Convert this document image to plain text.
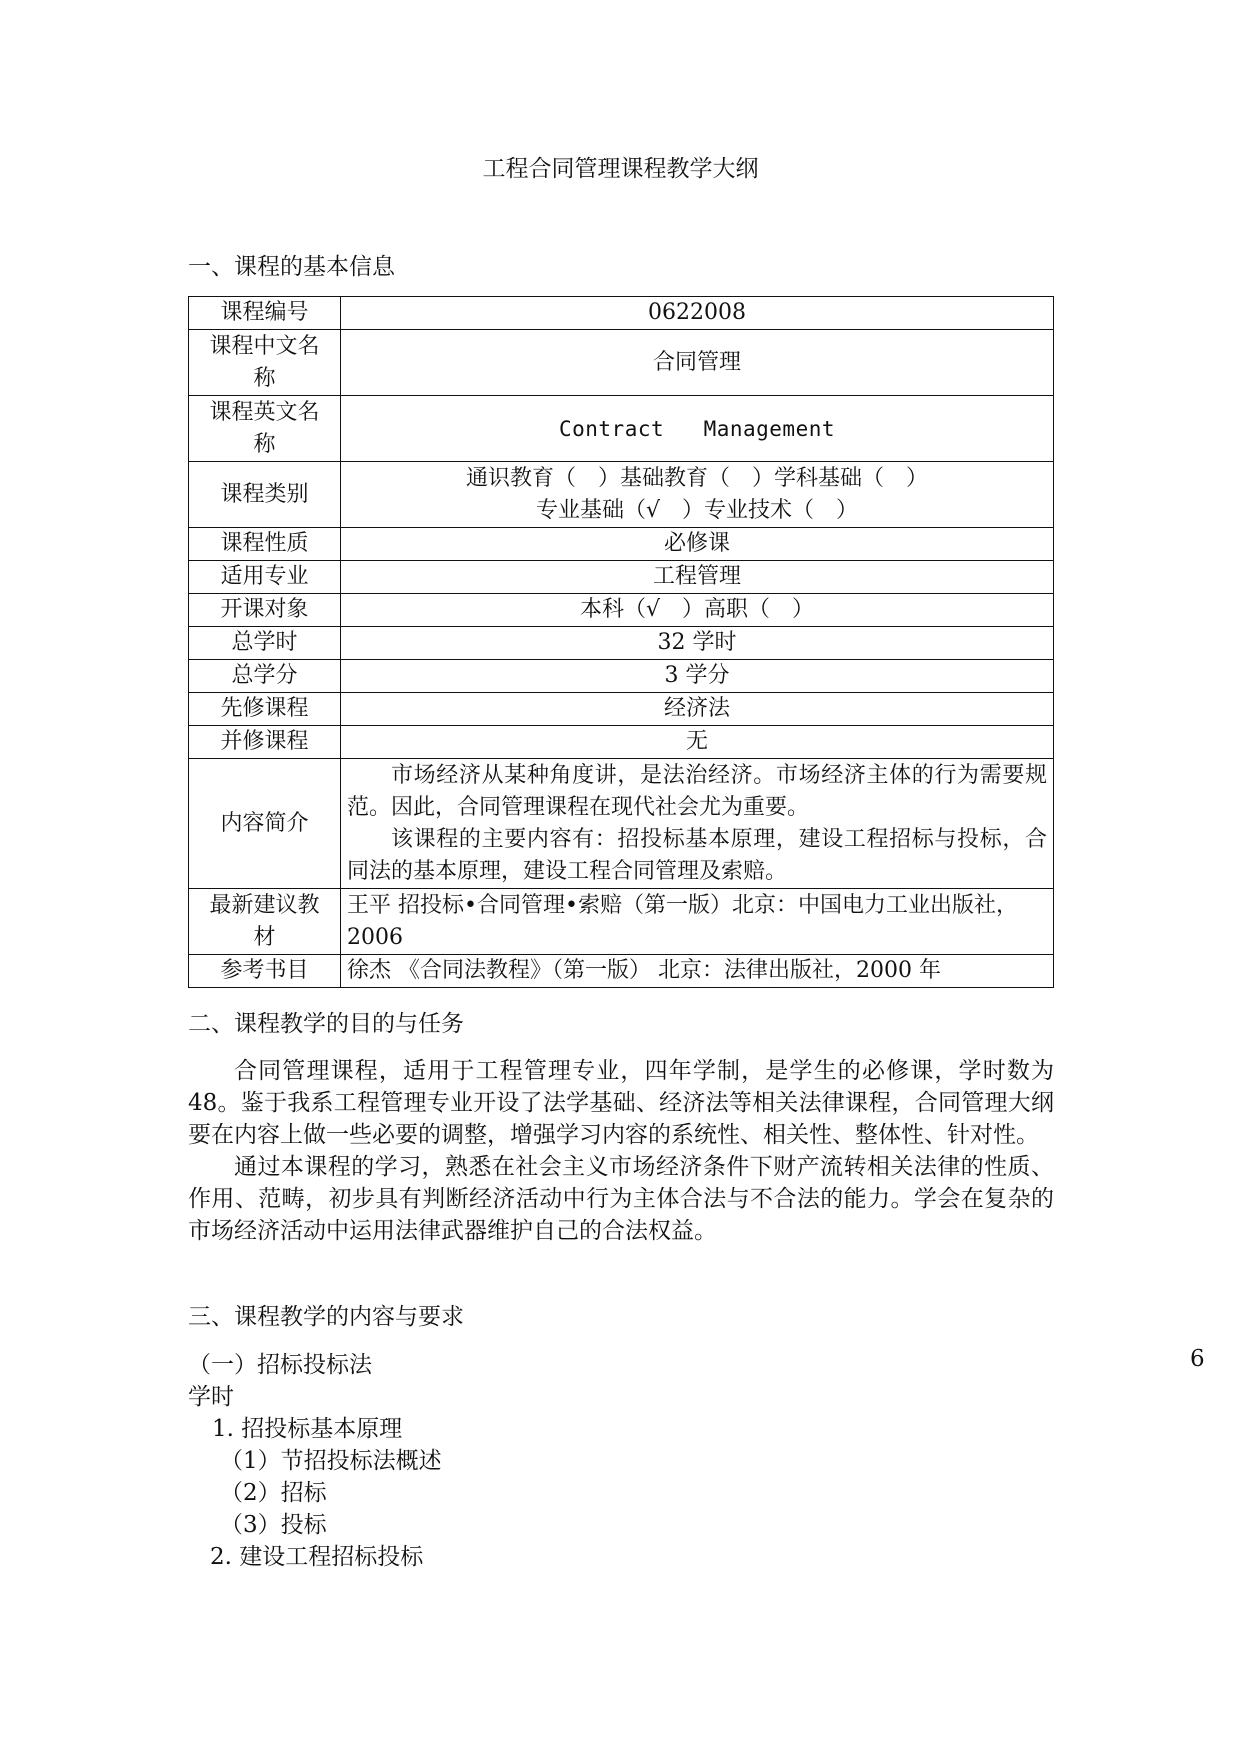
工程合同管理课程教学大纲
一、课程的基本信息
课程编号	0622008

课程中文名
称	合同管理

课程英文名
称	Contract Management
课程类别	通识教育（　）基础教育（　）学科基础（　）
专业基础（√　）专业技术（　）

课程性质	必修课
适用专业	工程管理
开课对象	本科（√　）高职（　）
总学时	32 学时
总学分	3 学分
先修课程	经济法
并修课程	无
内容简介	市场经济从某种角度讲，是法治经济。市场经济主体的行为需要规范。因此，合同管理课程在现代社会尤为重要。
该课程的主要内容有：招投标基本原理，建设工程招标与投标，合同法的基本原理，建设工程合同管理及索赔。

最新建议教
材	王平 招投标•合同管理•索赔（第一版）北京：中国电力工业出版社，2006
参考书目	徐杰 《合同法教程》（第一版） 北京：法律出版社，2000 年
二、课程教学的目的与任务

合同管理课程，适用于工程管理专业，四年学制，是学生的必修课，学时数为 48。鉴于我系工程管理专业开设了法学基础、经济法等相关法律课程，合同管理大纲要在内容上做一些必要的调整，增强学习内容的系统性、相关性、整体性、针对性。

通过本课程的学习，熟悉在社会主义市场经济条件下财产流转相关法律的性质、作用、范畴，初步具有判断经济活动中行为主体合法与不合法的能力。学会在复杂的市场经济活动中运用法律武器维护自己的合法权益。

三、课程教学的内容与要求
（一）招标投标法	6
学时
1. 招投标基本原理
（1）节招投标法概述
（2）招标
（3）投标
2. 建设工程招标投标
